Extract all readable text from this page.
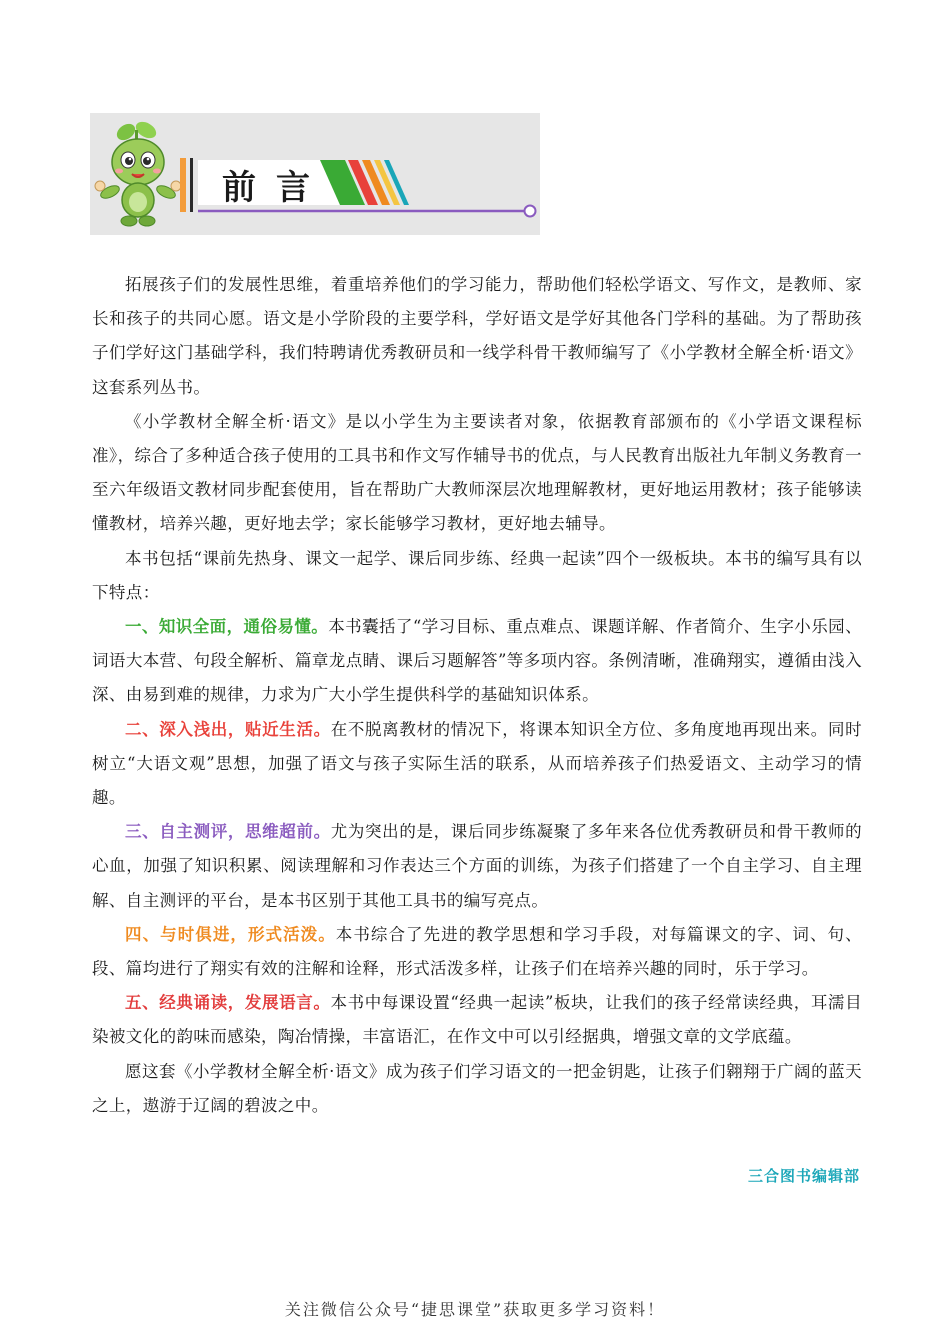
前言

拓展孩子们的发展性思维，着重培养他们的学习能力，帮助他们轻松学语文、写作文，是教师、家长和孩子的共同心愿。语文是小学阶段的主要学科，学好语文是学好其他各门学科的基础。为了帮助孩子们学好这门基础学科，我们特聘请优秀教研员和一线学科骨干教师编写了《小学教材全解全析·语文》这套系列丛书。

《小学教材全解全析·语文》是以小学生为主要读者对象，依据教育部颁布的《小学语文课程标准》，综合了多种适合孩子使用的工具书和作文写作辅导书的优点，与人民教育出版社九年制义务教育一至六年级语文教材同步配套使用，旨在帮助广大教师深层次地理解教材，更好地运用教材；孩子能够读懂教材，培养兴趣，更好地去学；家长能够学习教材，更好地去辅导。

本书包括“课前先热身、课文一起学、课后同步练、经典一起读”四个一级板块。本书的编写具有以下特点：

一、知识全面，通俗易懂。本书囊括了“学习目标、重点难点、课题详解、作者简介、生字小乐园、词语大本营、句段全解析、篇章龙点睛、课后习题解答”等多项内容。条例清晰，准确翔实，遵循由浅入深、由易到难的规律，力求为广大小学生提供科学的基础知识体系。

二、深入浅出，贴近生活。在不脱离教材的情况下，将课本知识全方位、多角度地再现出来。同时树立“大语文观”思想，加强了语文与孩子实际生活的联系，从而培养孩子们热爱语文、主动学习的情趣。

三、自主测评，思维超前。尤为突出的是，课后同步练凝聚了多年来各位优秀教研员和骨干教师的心血，加强了知识积累、阅读理解和习作表达三个方面的训练，为孩子们搭建了一个自主学习、自主理解、自主测评的平台，是本书区别于其他工具书的编写亮点。

四、与时俱进，形式活泼。本书综合了先进的教学思想和学习手段，对每篇课文的字、词、句、段、篇均进行了翔实有效的注解和诠释，形式活泼多样，让孩子们在培养兴趣的同时，乐于学习。

五、经典诵读，发展语言。本书中每课设置“经典一起读”板块，让我们的孩子经常读经典，耳濡目染被文化的韵味而感染，陶冶情操，丰富语汇，在作文中可以引经据典，增强文章的文学底蕴。

愿这套《小学教材全解全析·语文》成为孩子们学习语文的一把金钥匙，让孩子们翱翔于广阔的蓝天之上，遨游于辽阔的碧波之中。

三合图书编辑部
关注微信公众号“捷思课堂”获取更多学习资料！
